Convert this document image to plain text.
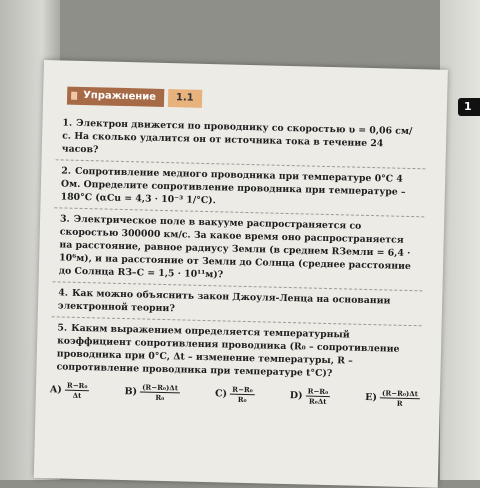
1
Упражнение	1.1
1. Электрон движется по проводнику со скоростью υ = 0,06 см/с. На сколько удалится он от источника тока в течение 24 часов?
2. Сопротивление медного проводника при температуре 0°С 4 Ом. Определите сопротивление проводника при температуре – 180°С (αCu = 4,3 · 10⁻³ 1/°С).
3. Электрическое поле в вакууме распространяется со скоростью 300000 км/с. За какое время оно распространяется на расстояние, равное радиусу Земли (в среднем RЗемли = 6,4 · 10⁶м), и на расстояние от Земли до Солнца (среднее расстояние до Солнца RЗ–С = 1,5 · 10¹¹м)?
4. Как можно объяснить закон Джоуля-Ленца на основании электронной теории?
5. Каким выражением определяется температурный коэффициент сопротивления проводника (R₀ – сопротивление проводника при 0°С, Δt – изменение температуры, R – сопротивление проводника при температуре t°С)?
$A) \frac{\text{R−R₀}}{\Delta t}$	$B) \frac{\text{(R−R₀)Δt}}{\text{R₀}}$	$C) \frac{\text{R−R₀}}{\text{R₀}}$	$D) \frac{\text{R−R₀}}{\text{R₀Δt}}$	$E) \frac{\text{(R−R₀)Δt}}{R}$
